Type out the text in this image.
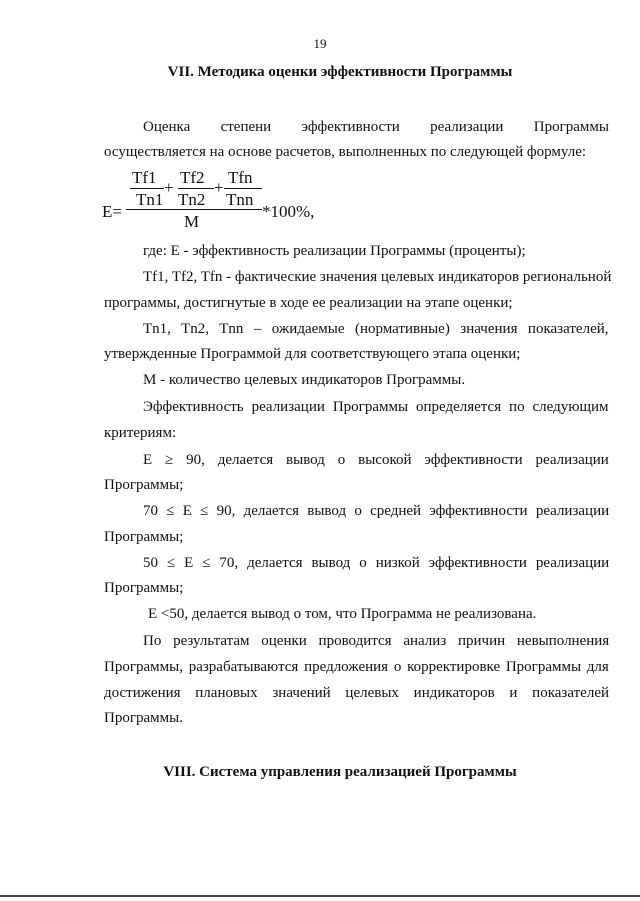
19
VII. Методика оценки эффективности Программы
Оценка степени эффективности реализации Программы
осуществляется на основе расчетов, выполненных по следующей формуле:
E=
Tf1
Tn1
+
Tf2
Tn2
+
Tfn
Tnn
M
*100%,
где: E - эффективность реализации Программы (проценты);
Tf1, Tf2, Tfn - фактические значения целевых индикаторов региональной
программы, достигнутые в ходе ее реализации на этапе оценки;
Tn1, Tn2, Tnn – ожидаемые (нормативные) значения показателей,
утвержденные Программой для соответствующего этапа оценки;
M - количество целевых индикаторов Программы.
Эффективность реализации Программы определяется по следующим
критериям:
E ≥ 90, делается вывод о высокой эффективности реализации
Программы;
70 ≤ E ≤ 90, делается вывод о средней эффективности реализации
Программы;
50 ≤ E ≤ 70, делается вывод о низкой эффективности реализации
Программы;
E <50, делается вывод о том, что Программа не реализована.
По результатам оценки проводится анализ причин невыполнения
Программы, разрабатываются предложения о корректировке Программы для
достижения плановых значений целевых индикаторов и показателей
Программы.
VIII. Система управления реализацией Программы
